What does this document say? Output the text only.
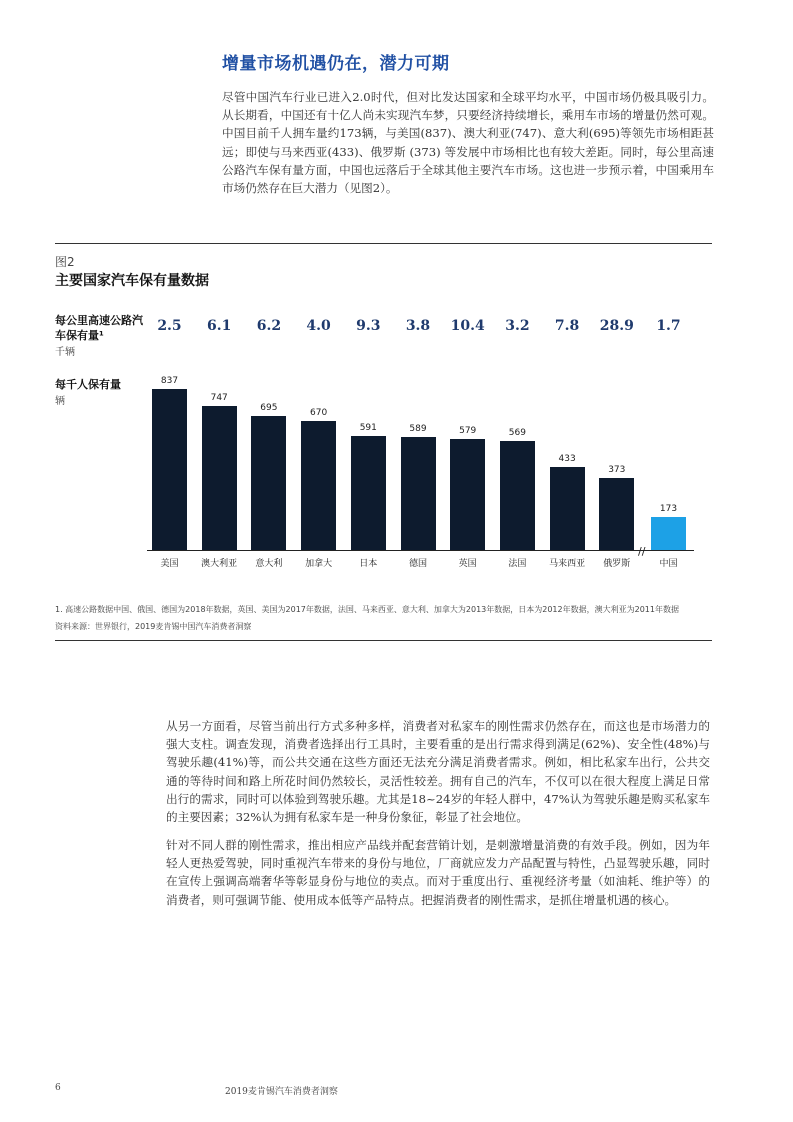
增量市场机遇仍在，潜力可期
尽管中国汽车行业已进入2.0时代，但对比发达国家和全球平均水平，中国市场仍极具吸引力。从长期看，中国还有十亿人尚未实现汽车梦，只要经济持续增长，乘用车市场的增量仍然可观。中国目前千人拥车量约173辆，与美国(837)、澳大利亚(747)、意大利(695)等领先市场相距甚远；即使与马来西亚(433)、俄罗斯 (373) 等发展中市场相比也有较大差距。同时，每公里高速公路汽车保有量方面，中国也远落后于全球其他主要汽车市场。这也进一步预示着，中国乘用车市场仍然存在巨大潜力（见图2）。
图2
主要国家汽车保有量数据
每公里高速公路汽车保有量¹
千辆
每千人保有量
辆
837
美国
2.5
747
澳大利亚
6.1
695
意大利
6.2
670
加拿大
4.0
591
日本
9.3
589
德国
3.8
579
英国
10.4
569
法国
3.2
433
马来西亚
7.8
373
俄罗斯
28.9
173
中国
1.7
//
1. 高速公路数据中国、俄国、德国为2018年数据，英国、美国为2017年数据，法国、马来西亚、意大利、加拿大为2013年数据，日本为2012年数据，澳大利亚为2011年数据
资料来源：世界银行，2019麦肯锡中国汽车消费者洞察
从另一方面看，尽管当前出行方式多种多样，消费者对私家车的刚性需求仍然存在，而这也是市场潜力的强大支柱。调查发现，消费者选择出行工具时，主要看重的是出行需求得到满足(62%)、安全性(48%)与驾驶乐趣(41%)等，而公共交通在这些方面还无法充分满足消费者需求。例如，相比私家车出行，公共交通的等待时间和路上所花时间仍然较长，灵活性较差。拥有自己的汽车，不仅可以在很大程度上满足日常出行的需求，同时可以体验到驾驶乐趣。尤其是18~24岁的年轻人群中，47%认为驾驶乐趣是购买私家车的主要因素；32%认为拥有私家车是一种身份象征，彰显了社会地位。
针对不同人群的刚性需求，推出相应产品线并配套营销计划，是刺激增量消费的有效手段。例如，因为年轻人更热爱驾驶，同时重视汽车带来的身份与地位，厂商就应发力产品配置与特性，凸显驾驶乐趣，同时在宣传上强调高端奢华等彰显身份与地位的卖点。而对于重度出行、重视经济考量（如油耗、维护等）的消费者，则可强调节能、使用成本低等产品特点。把握消费者的刚性需求，是抓住增量机遇的核心。
6	2019麦肯锡汽车消费者洞察
